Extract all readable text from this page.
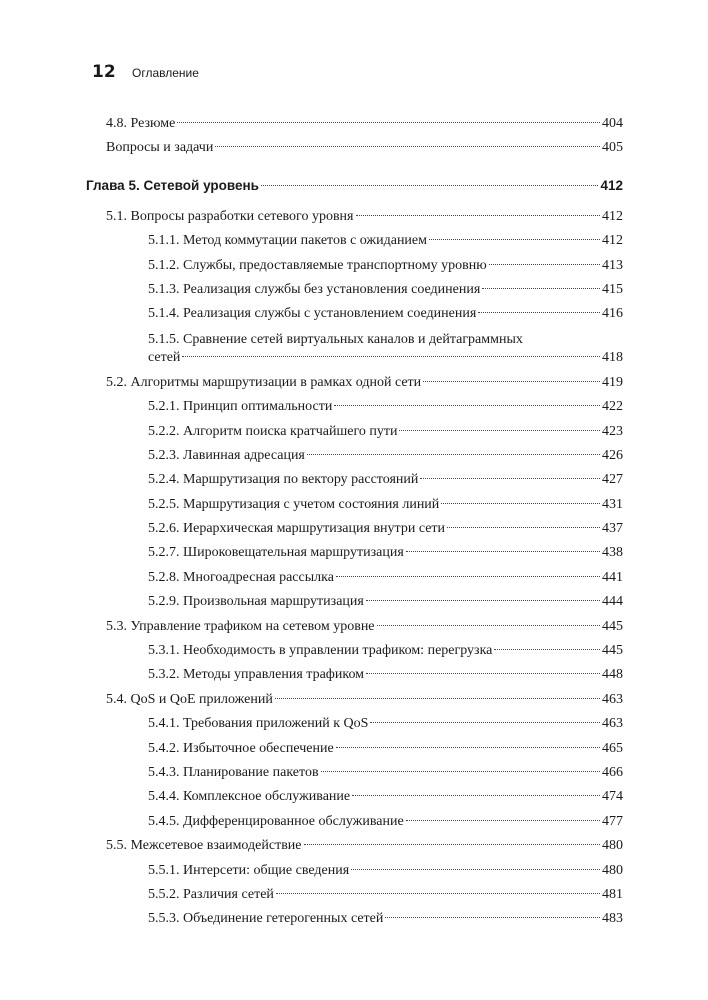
12 Оглавление
4.8. Резюме	404
Вопросы и задачи	405
Глава 5. Сетевой уровень	412
5.1. Вопросы разработки сетевого уровня	412
5.1.1. Метод коммутации пакетов с ожиданием	412
5.1.2. Службы, предоставляемые транспортному уровню	413
5.1.3. Реализация службы без установления соединения	415
5.1.4. Реализация службы с установлением соединения	416
5.1.5. Сравнение сетей виртуальных каналов и дейтаграммных
сетей	418
5.2. Алгоритмы маршрутизации в рамках одной сети	419
5.2.1. Принцип оптимальности	422
5.2.2. Алгоритм поиска кратчайшего пути	423
5.2.3. Лавинная адресация	426
5.2.4. Маршрутизация по вектору расстояний	427
5.2.5. Маршрутизация с учетом состояния линий	431
5.2.6. Иерархическая маршрутизация внутри сети	437
5.2.7. Широковещательная маршрутизация	438
5.2.8. Многоадресная рассылка	441
5.2.9. Произвольная маршрутизация	444
5.3. Управление трафиком на сетевом уровне	445
5.3.1. Необходимость в управлении трафиком: перегрузка	445
5.3.2. Методы управления трафиком	448
5.4. QoS и QoE приложений	463
5.4.1. Требования приложений к QoS	463
5.4.2. Избыточное обеспечение	465
5.4.3. Планирование пакетов	466
5.4.4. Комплексное обслуживание	474
5.4.5. Дифференцированное обслуживание	477
5.5. Межсетевое взаимодействие	480
5.5.1. Интерсети: общие сведения	480
5.5.2. Различия сетей	481
5.5.3. Объединение гетерогенных сетей	483
